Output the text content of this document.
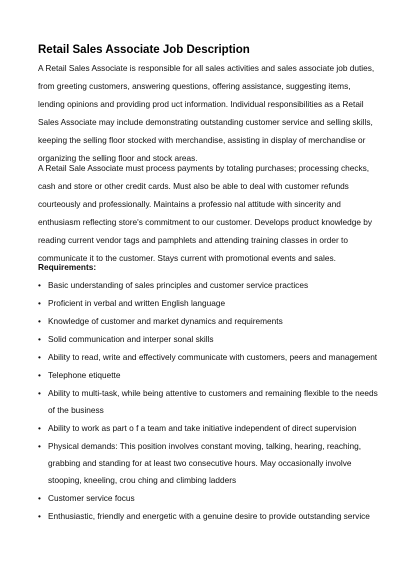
Retail Sales Associate Job Description
A Retail Sales Associate is responsible for all sales activities and sales associate job duties, from greeting customers, answering questions, offering assistance, suggesting items, lending opinions and providing prod uct information. Individual responsibilities as a Retail Sales Associate may include demonstrating outstanding customer service and selling skills, keeping the selling floor stocked with merchandise, assisting in display of merchandise or organizing the selling floor and stock areas.
A Retail Sale Associate must process payments by totaling purchases; processing checks, cash and store or other credit cards. Must also be able to deal with customer refunds courteously and professionally. Maintains a professio nal attitude with sincerity and enthusiasm reflecting store's commitment to our customer. Develops product knowledge by reading current vendor tags and pamphlets and attending training classes in order to communicate it to the customer. Stays current with promotional events and sales.
Requirements:
• Basic understanding of sales principles and customer service practices
• Proficient in verbal and written English language
• Knowledge of customer and market dynamics and requirements
• Solid communication and interper sonal skills
• Ability to read, write and effectively communicate with customers, peers and management
• Telephone etiquette
• Ability to multi-task, while being attentive to customers and remaining flexible to the needs of the business
• Ability to work as part o f a team and take initiative independent of direct supervision
• Physical demands: This position involves constant moving, talking, hearing, reaching, grabbing and standing for at least two consecutive hours. May occasionally involve stooping, kneeling, crou ching and climbing ladders
• Customer service focus
• Enthusiastic, friendly and energetic with a genuine desire to provide outstanding service
